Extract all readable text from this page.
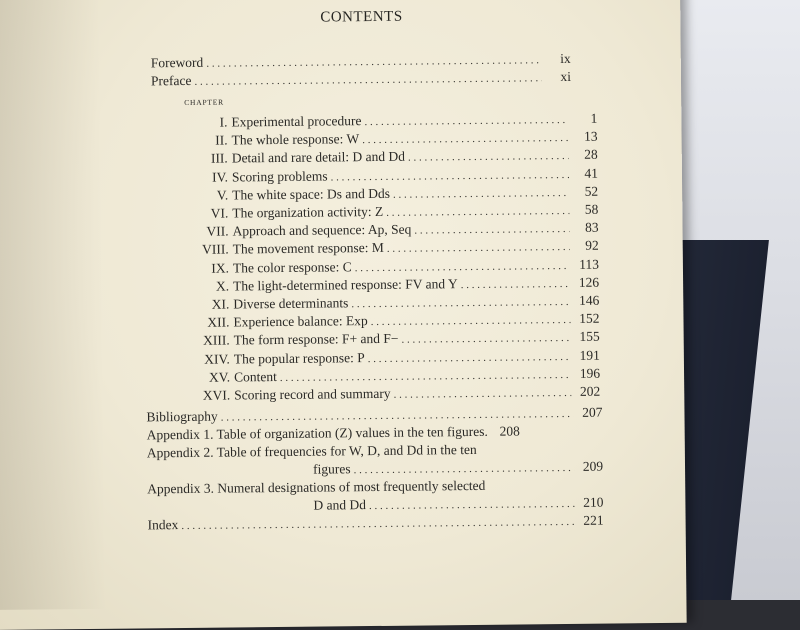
CONTENTS
Foreword . . .	ix
Preface . . .	xi
CHAPTER
I. Experimental procedure . . .	1
II. The whole response: W . . .	13
III. Detail and rare detail: D and Dd . . .	28
IV. Scoring problems . . .	41
V. The white space: Ds and Dds . . .	52
VI. The organization activity: Z . . .	58
VII. Approach and sequence: Ap, Seq . . .	83
VIII. The movement response: M . . .	92
IX. The color response: C . . .	113
X. The light-determined response: FV and Y . . .	126
XI. Diverse determinants . . .	146
XII. Experience balance: Exp . . .	152
XIII. The form response: F+ and F− . . .	155
XIV. The popular response: P . . .	191
XV. Content . . .	196
XVI. Scoring record and summary . . .	202
Bibliography . . .	207
Appendix 1. Table of organization (Z) values in the ten figures. 208
Appendix 2. Table of frequencies for W, D, and Dd in the ten
figures . . .	209
Appendix 3. Numeral designations of most frequently selected
D and Dd . . .	210
Index . . .	221
